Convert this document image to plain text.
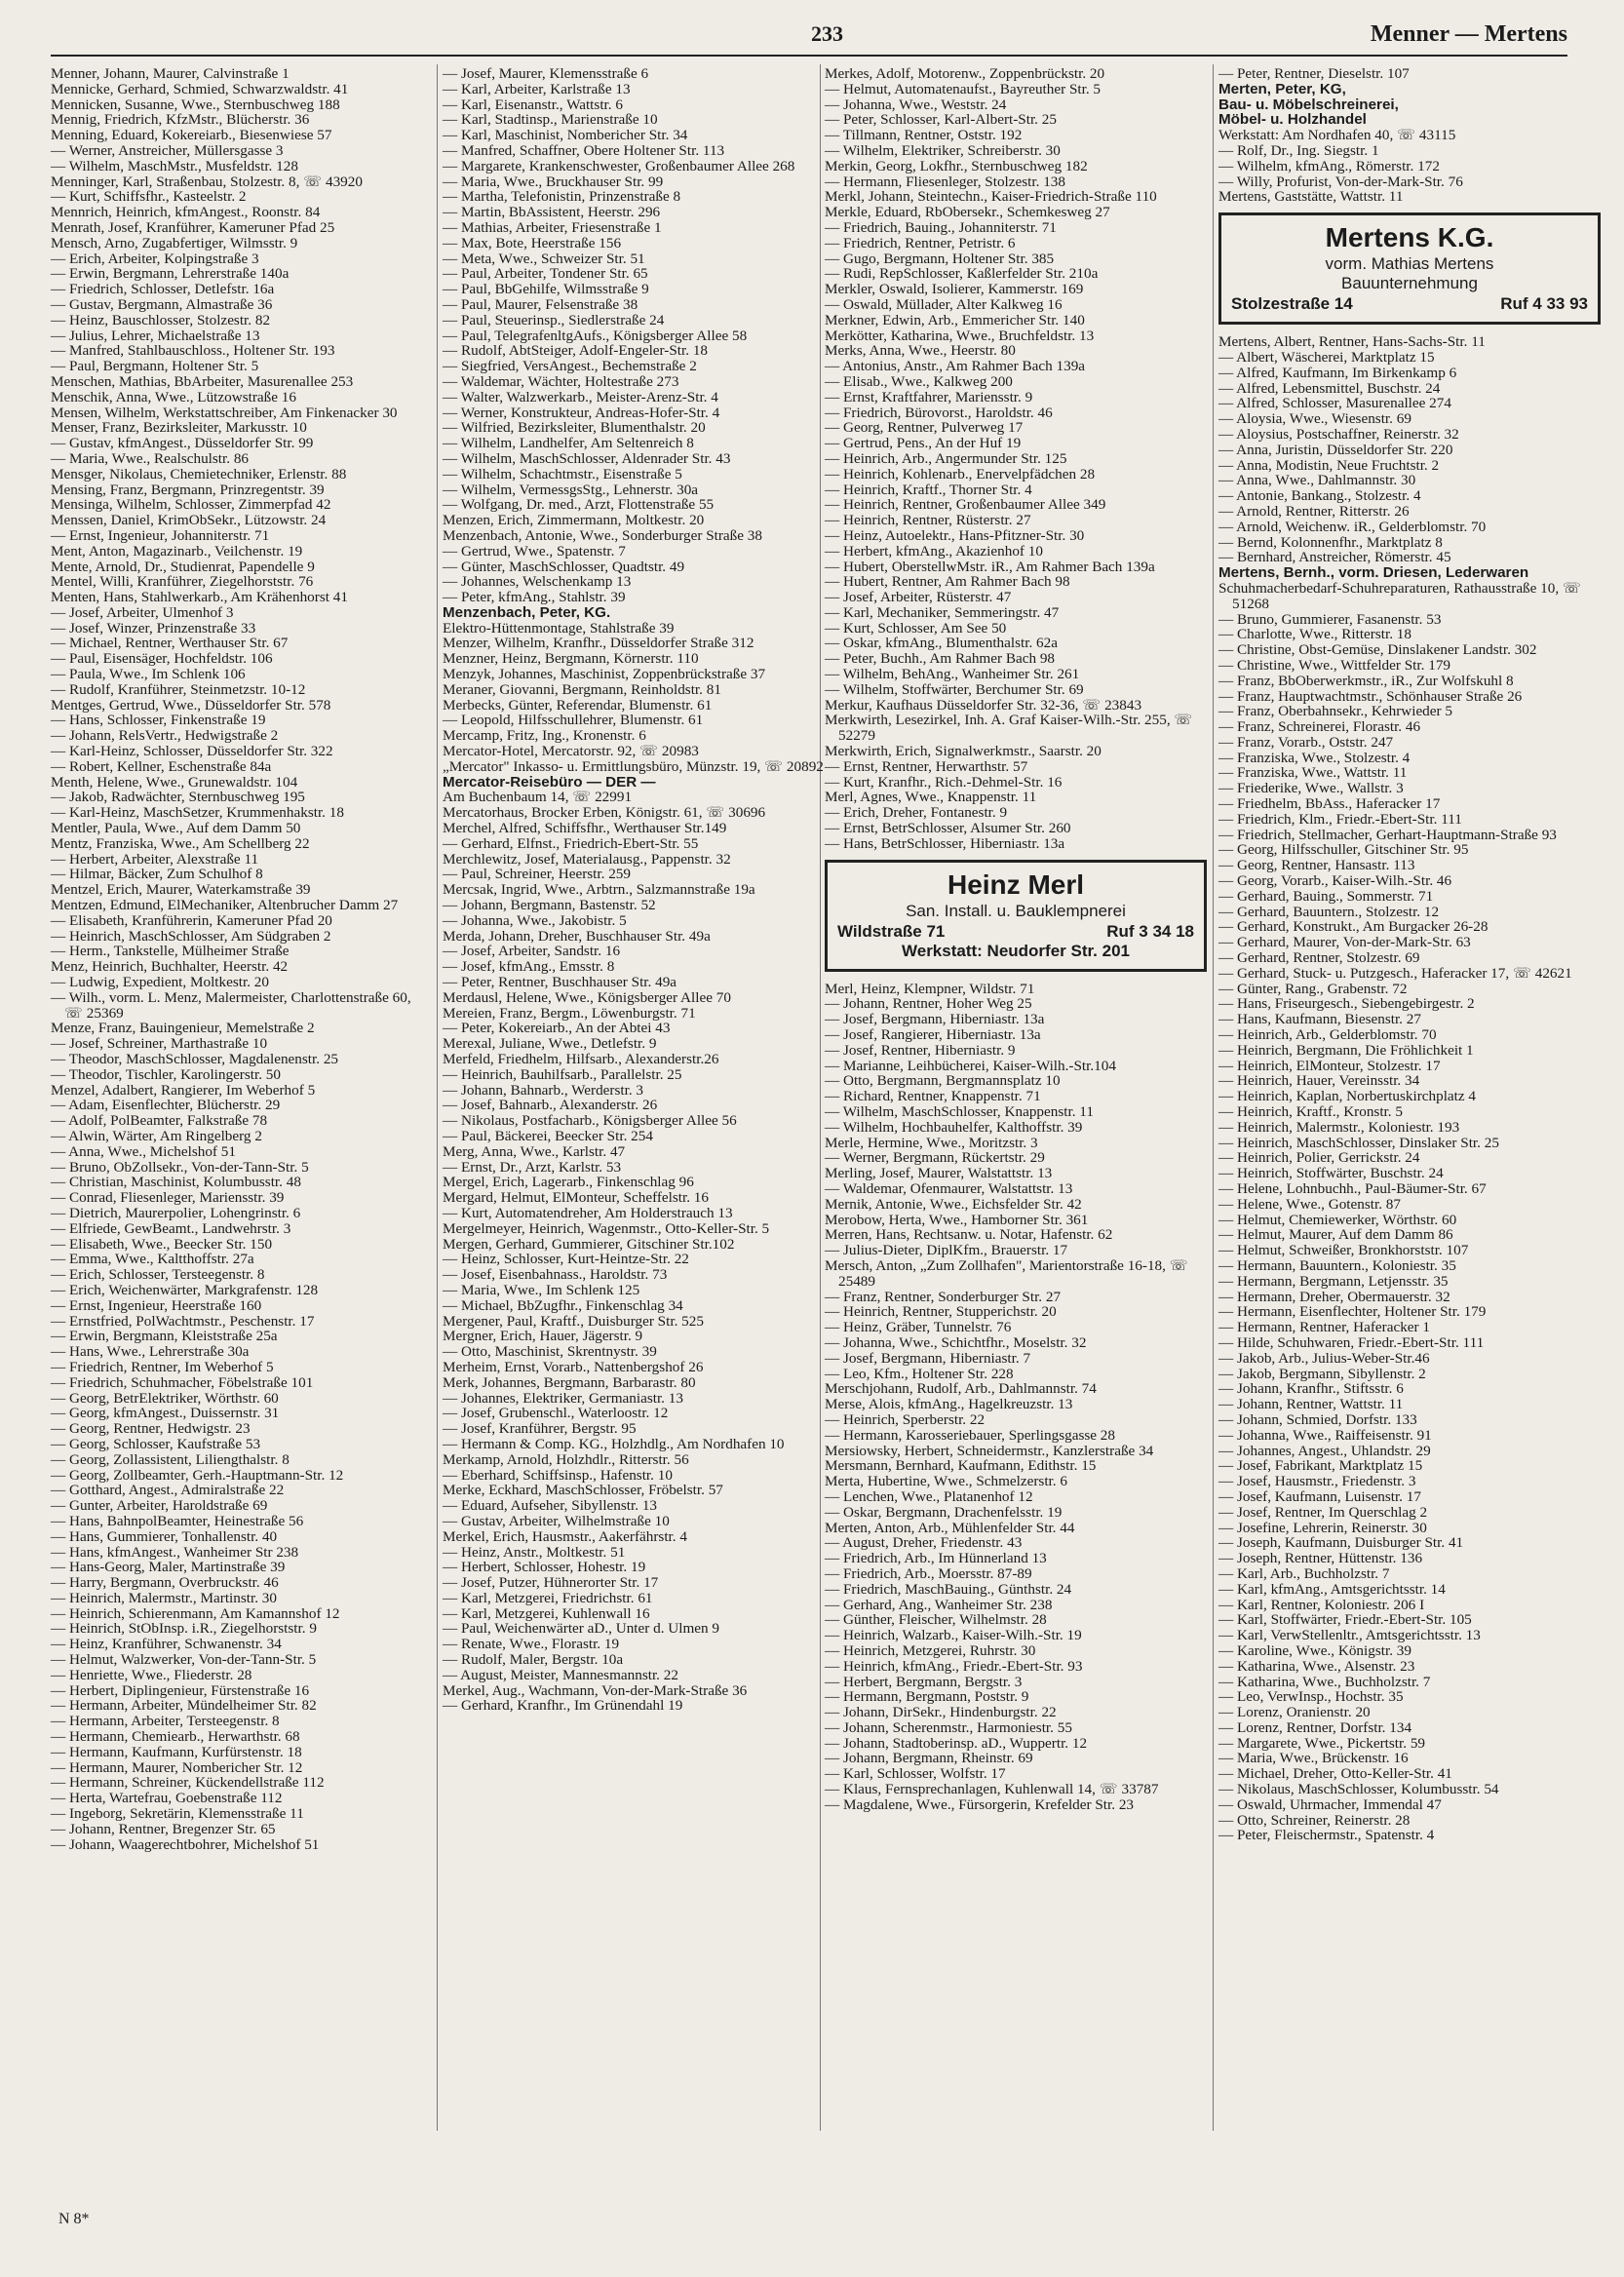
233	Menner — Mertens
Menner, Johann, Maurer, Calvinstraße 1
Mennicke, Gerhard, Schmied, Schwarzwaldstr. 41
Mennicken, Susanne, Wwe., Sternbuschweg 188
Mennig, Friedrich, KfzMstr., Blücherstr. 36
Menning, Eduard, Kokereiarb., Biesenwiese 57
— Werner, Anstreicher, Müllersgasse 3
— Wilhelm, MaschMstr., Musfeldstr. 128
Menninger, Karl, Straßenbau, Stolzestr. 8, ☏ 43920
— Kurt, Schiffsfhr., Kasteelstr. 2
Mennrich, Heinrich, kfmAngest., Roonstr. 84
Menrath, Josef, Kranführer, Kameruner Pfad 25
Mensch, Arno, Zugabfertiger, Wilmsstr. 9
— Erich, Arbeiter, Kolpingstraße 3
— Erwin, Bergmann, Lehrerstraße 140a
— Friedrich, Schlosser, Detlefstr. 16a
— Gustav, Bergmann, Almastraße 36
— Heinz, Bauschlosser, Stolzestr. 82
— Julius, Lehrer, Michaelstraße 13
— Manfred, Stahlbauschloss., Holtener Str. 193
— Paul, Bergmann, Holtener Str. 5
Menschen, Mathias, BbArbeiter, Masurenallee 253
Menschik, Anna, Wwe., Lützowstraße 16
Mensen, Wilhelm, Werkstattschreiber, Am Finkenacker 30
Menser, Franz, Bezirksleiter, Markusstr. 10
— Gustav, kfmAngest., Düsseldorfer Str. 99
— Maria, Wwe., Realschulstr. 86
Mensger, Nikolaus, Chemietechniker, Erlenstr. 88
Mensing, Franz, Bergmann, Prinzregentstr. 39
Mensinga, Wilhelm, Schlosser, Zimmerpfad 42
Menssen, Daniel, KrimObSekr., Lützowstr. 24
— Ernst, Ingenieur, Johanniterstr. 71
Ment, Anton, Magazinarb., Veilchenstr. 19
Mente, Arnold, Dr., Studienrat, Papendelle 9
Mentel, Willi, Kranführer, Ziegelhorststr. 76
Menten, Hans, Stahlwerkarb., Am Krähenhorst 41
— Josef, Arbeiter, Ulmenhof 3
— Josef, Winzer, Prinzenstraße 33
— Michael, Rentner, Werthauser Str. 67
— Paul, Eisensäger, Hochfeldstr. 106
— Paula, Wwe., Im Schlenk 106
— Rudolf, Kranführer, Steinmetzstr. 10-12
Mentges, Gertrud, Wwe., Düsseldorfer Str. 578
— Hans, Schlosser, Finkenstraße 19
— Johann, RelsVertr., Hedwigstraße 2
— Karl-Heinz, Schlosser, Düsseldorfer Str. 322
— Robert, Kellner, Eschenstraße 84a
Menth, Helene, Wwe., Grunewaldstr. 104
— Jakob, Radwächter, Sternbuschweg 195
— Karl-Heinz, MaschSetzer, Krummenhakstr. 18
Mentler, Paula, Wwe., Auf dem Damm 50
Mentz, Franziska, Wwe., Am Schellberg 22
— Herbert, Arbeiter, Alexstraße 11
— Hilmar, Bäcker, Zum Schulhof 8
Mentzel, Erich, Maurer, Waterkamstraße 39
Mentzen, Edmund, ElMechaniker, Altenbrucher Damm 27
— Elisabeth, Kranführerin, Kameruner Pfad 20
— Heinrich, MaschSchlosser, Am Südgraben 2
— Herm., Tankstelle, Mülheimer Straße
Menz, Heinrich, Buchhalter, Heerstr. 42
— Ludwig, Expedient, Moltkestr. 20
— Wilh., vorm. L. Menz, Malermeister, Charlottenstraße 60, ☏ 25369
Menze, Franz, Bauingenieur, Memelstraße 2
— Josef, Schreiner, Marthastraße 10
— Theodor, MaschSchlosser, Magdalenenstr. 25
— Theodor, Tischler, Karolingerstr. 50
Menzel, Adalbert, Rangierer, Im Weberhof 5
— Adam, Eisenflechter, Blücherstr. 29
— Adolf, PolBeamter, Falkstraße 78
— Alwin, Wärter, Am Ringelberg 2
— Anna, Wwe., Michelshof 51
— Bruno, ObZollsekr., Von-der-Tann-Str. 5
— Christian, Maschinist, Kolumbusstr. 48
— Conrad, Fliesenleger, Mariensstr. 39
— Dietrich, Maurerpolier, Lohengrinstr. 6
— Elfriede, GewBeamt., Landwehrstr. 3
— Elisabeth, Wwe., Beecker Str. 150
— Emma, Wwe., Kaltthoffstr. 27a
— Erich, Schlosser, Tersteegenstr. 8
— Erich, Weichenwärter, Markgrafenstr. 128
— Ernst, Ingenieur, Heerstraße 160
— Ernstfried, PolWachtmstr., Peschenstr. 17
— Erwin, Bergmann, Kleiststraße 25a
— Hans, Wwe., Lehrerstraße 30a
— Friedrich, Rentner, Im Weberhof 5
— Friedrich, Schuhmacher, Föbelstraße 101
— Georg, BetrElektriker, Wörthstr. 60
— Georg, kfmAngest., Duissernstr. 31
— Georg, Rentner, Hedwigstr. 23
— Georg, Schlosser, Kaufstraße 53
— Georg, Zollassistent, Liliengthalstr. 8
— Georg, Zollbeamter, Gerh.-Hauptmann-Str. 12
— Gotthard, Angest., Admiralstraße 22
— Gunter, Arbeiter, Haroldstraße 69
— Hans, BahnpolBeamter, Heinestraße 56
— Hans, Gummierer, Tonhallenstr. 40
— Hans, kfmAngest., Wanheimer Str 238
— Hans-Georg, Maler, Martinstraße 39
— Harry, Bergmann, Overbruckstr. 46
— Heinrich, Malermstr., Martinstr. 30
— Heinrich, Schierenmann, Am Kamannshof 12
— Heinrich, StObInsp. i.R., Ziegelhorststr. 9
— Heinz, Kranführer, Schwanenstr. 34
— Helmut, Walzwerker, Von-der-Tann-Str. 5
— Henriette, Wwe., Fliederstr. 28
— Herbert, Diplingenieur, Fürstenstraße 16
— Hermann, Arbeiter, Mündelheimer Str. 82
— Hermann, Arbeiter, Tersteegenstr. 8
— Hermann, Chemiearb., Herwarthstr. 68
— Hermann, Kaufmann, Kurfürstenstr. 18
— Hermann, Maurer, Nombericher Str. 12
— Hermann, Schreiner, Kückendellstraße 112
— Herta, Wartefrau, Goebenstraße 112
— Ingeborg, Sekretärin, Klemensstraße 11
— Johann, Rentner, Bregenzer Str. 65
— Johann, Waagerechtbohrer, Michelshof 51
— Josef, Maurer, Klemensstraße 6
— Karl, Arbeiter, Karlstraße 13
— Karl, Eisenanstr., Wattstr. 6
— Karl, Stadtinsp., Marienstraße 10
— Karl, Maschinist, Nombericher Str. 34
— Manfred, Schaffner, Obere Holtener Str. 113
— Margarete, Krankenschwester, Großenbaumer Allee 268
— Maria, Wwe., Bruckhauser Str. 99
— Martha, Telefonistin, Prinzenstraße 8
— Martin, BbAssistent, Heerstr. 296
— Mathias, Arbeiter, Friesenstraße 1
— Max, Bote, Heerstraße 156
— Meta, Wwe., Schweizer Str. 51
— Paul, Arbeiter, Tondener Str. 65
— Paul, BbGehilfe, Wilmsstraße 9
— Paul, Maurer, Felsenstraße 38
— Paul, Steuerinsp., Siedlerstraße 24
— Paul, TelegrafenltgAufs., Königsberger Allee 58
— Rudolf, AbtSteiger, Adolf-Engeler-Str. 18
— Siegfried, VersAngest., Bechemstraße 2
— Waldemar, Wächter, Holtestraße 273
— Walter, Walzwerkarb., Meister-Arenz-Str. 4
— Werner, Konstrukteur, Andreas-Hofer-Str. 4
— Wilfried, Bezirksleiter, Blumenthalstr. 20
— Wilhelm, Landhelfer, Am Seltenreich 8
— Wilhelm, MaschSchlosser, Aldenrader Str. 43
— Wilhelm, Schachtmstr., Eisenstraße 5
— Wilhelm, VermessgsStg., Lehnerstr. 30a
— Wolfgang, Dr. med., Arzt, Flottenstraße 55
Menzen, Erich, Zimmermann, Moltkestr. 20
Menzenbach, Antonie, Wwe., Sonderburger Straße 38
— Gertrud, Wwe., Spatenstr. 7
— Günter, MaschSchlosser, Quadtstr. 49
— Johannes, Welschenkamp 13
— Peter, kfmAng., Stahlstr. 39
Menzenbach, Peter, KG.
Elektro-Hüttenmontage, Stahlstraße 39
Menzer, Wilhelm, Kranfhr., Düsseldorfer Straße 312
Menzner, Heinz, Bergmann, Körnerstr. 110
Menzyk, Johannes, Maschinist, Zoppenbrückstraße 37
Meraner, Giovanni, Bergmann, Reinholdstr. 81
Merbecks, Günter, Referendar, Blumenstr. 61
— Leopold, Hilfsschullehrer, Blumenstr. 61
Mercamp, Fritz, Ing., Kronenstr. 6
Mercator-Hotel, Mercatorstr. 92, ☏ 20983
„Mercator" Inkasso- u. Ermittlungsbüro, Münzstr. 19, ☏ 20892
Mercator-Reisebüro — DER —
Am Buchenbaum 14, ☏ 22991
Mercatorhaus, Brocker Erben, Königstr. 61, ☏ 30696
Merchel, Alfred, Schiffsfhr., Werthauser Str.149
— Gerhard, Elfnst., Friedrich-Ebert-Str. 55
Merchlewitz, Josef, Materialausg., Pappenstr. 32
— Paul, Schreiner, Heerstr. 259
Mercsak, Ingrid, Wwe., Arbtrn., Salzmannstraße 19a
— Johann, Bergmann, Bastenstr. 52
— Johanna, Wwe., Jakobistr. 5
Merda, Johann, Dreher, Buschhauser Str. 49a
— Josef, Arbeiter, Sandstr. 16
— Josef, kfmAng., Emsstr. 8
— Peter, Rentner, Buschhauser Str. 49a
Merdausl, Helene, Wwe., Königsberger Allee 70
Mereien, Franz, Bergm., Löwenburgstr. 71
— Peter, Kokereiarb., An der Abtei 43
Merexal, Juliane, Wwe., Detlefstr. 9
Merfeld, Friedhelm, Hilfsarb., Alexanderstr.26
— Heinrich, Bauhilfsarb., Parallelstr. 25
— Johann, Bahnarb., Werderstr. 3
— Josef, Bahnarb., Alexanderstr. 26
— Nikolaus, Postfacharb., Königsberger Allee 56
— Paul, Bäckerei, Beecker Str. 254
Merg, Anna, Wwe., Karlstr. 47
— Ernst, Dr., Arzt, Karlstr. 53
Mergel, Erich, Lagerarb., Finkenschlag 96
Mergard, Helmut, ElMonteur, Scheffelstr. 16
— Kurt, Automatendreher, Am Holderstrauch 13
Mergelmeyer, Heinrich, Wagenmstr., Otto-Keller-Str. 5
Mergen, Gerhard, Gummierer, Gitschiner Str.102
— Heinz, Schlosser, Kurt-Heintze-Str. 22
— Josef, Eisenbahnass., Haroldstr. 73
— Maria, Wwe., Im Schlenk 125
— Michael, BbZugfhr., Finkenschlag 34
Mergener, Paul, Kraftf., Duisburger Str. 525
Mergner, Erich, Hauer, Jägerstr. 9
— Otto, Maschinist, Skrentnystr. 39
Merheim, Ernst, Vorarb., Nattenbergshof 26
Merk, Johannes, Bergmann, Barbarastr. 80
— Johannes, Elektriker, Germaniastr. 13
— Josef, Grubenschl., Waterloostr. 12
— Josef, Kranführer, Bergstr. 95
— Hermann & Comp. KG., Holzhdlg., Am Nordhafen 10
Merkamp, Arnold, Holzhdlr., Ritterstr. 56
— Eberhard, Schiffsinsp., Hafenstr. 10
Merke, Eckhard, MaschSchlosser, Fröbelstr. 57
— Eduard, Aufseher, Sibyllenstr. 13
— Gustav, Arbeiter, Wilhelmstraße 10
Merkel, Erich, Hausmstr., Aakerfährstr. 4
— Heinz, Anstr., Moltkestr. 51
— Herbert, Schlosser, Hohestr. 19
— Josef, Putzer, Hühnerorter Str. 17
— Karl, Metzgerei, Friedrichstr. 61
— Karl, Metzgerei, Kuhlenwall 16
— Paul, Weichenwärter aD., Unter d. Ulmen 9
— Renate, Wwe., Florastr. 19
— Rudolf, Maler, Bergstr. 10a
— August, Meister, Mannesmannstr. 22
Merkel, Aug., Wachmann, Von-der-Mark-Straße 36
— Gerhard, Kranfhr., Im Grünendahl 19
Merkes, Adolf, Motorenw., Zoppenbrückstr. 20
— Helmut, Automatenaufst., Bayreuther Str. 5
— Johanna, Wwe., Weststr. 24
— Peter, Schlosser, Karl-Albert-Str. 25
— Tillmann, Rentner, Oststr. 192
— Wilhelm, Elektriker, Schreiberstr. 30
Merkin, Georg, Lokfhr., Sternbuschweg 182
— Hermann, Fliesenleger, Stolzestr. 138
Merkl, Johann, Steintechn., Kaiser-Friedrich-Straße 110
Merkle, Eduard, RbObersekr., Schemkesweg 27
— Friedrich, Bauing., Johanniterstr. 71
— Friedrich, Rentner, Petristr. 6
— Gugo, Bergmann, Holtener Str. 385
— Rudi, RepSchlosser, Kaßlerfelder Str. 210a
Merkler, Oswald, Isolierer, Kammerstr. 169
— Oswald, Müllader, Alter Kalkweg 16
Merkner, Edwin, Arb., Emmericher Str. 140
Merkötter, Katharina, Wwe., Bruchfeldstr. 13
Merks, Anna, Wwe., Heerstr. 80
— Antonius, Anstr., Am Rahmer Bach 139a
— Elisab., Wwe., Kalkweg 200
— Ernst, Kraftfahrer, Mariensstr. 9
— Friedrich, Bürovorst., Haroldstr. 46
— Georg, Rentner, Pulverweg 17
— Gertrud, Pens., An der Huf 19
— Heinrich, Arb., Angermunder Str. 125
— Heinrich, Kohlenarb., Enervelpfädchen 28
— Heinrich, Kraftf., Thorner Str. 4
— Heinrich, Rentner, Großenbaumer Allee 349
— Heinrich, Rentner, Rüsterstr. 27
— Heinz, Autoelektr., Hans-Pfitzner-Str. 30
— Herbert, kfmAng., Akazienhof 10
— Hubert, OberstellwMstr. iR., Am Rahmer Bach 139a
— Hubert, Rentner, Am Rahmer Bach 98
— Josef, Arbeiter, Rüsterstr. 47
— Karl, Mechaniker, Semmeringstr. 47
— Kurt, Schlosser, Am See 50
— Oskar, kfmAng., Blumenthalstr. 62a
— Peter, Buchh., Am Rahmer Bach 98
— Wilhelm, BehAng., Wanheimer Str. 261
— Wilhelm, Stoffwärter, Berchumer Str. 69
Merkur, Kaufhaus Düsseldorfer Str. 32-36, ☏ 23843
Merkwirth, Lesezirkel, Inh. A. Graf Kaiser-Wilh.-Str. 255, ☏ 52279
Merkwirth, Erich, Signalwerkmstr., Saarstr. 20
— Ernst, Rentner, Herwarthstr. 57
— Kurt, Kranfhr., Rich.-Dehmel-Str. 16
Merl, Agnes, Wwe., Knappenstr. 11
— Erich, Dreher, Fontanestr. 9
— Ernst, BetrSchlosser, Alsumer Str. 260
— Hans, BetrSchlosser, Hiberniastr. 13a
Heinz Merl
San. Install. u. Bauklempnerei
Wildstraße 71	Ruf 3 34 18
Werkstatt: Neudorfer Str. 201
Merl, Heinz, Klempner, Wildstr. 71
— Johann, Rentner, Hoher Weg 25
— Josef, Bergmann, Hiberniastr. 13a
— Josef, Rangierer, Hiberniastr. 13a
— Josef, Rentner, Hiberniastr. 9
— Marianne, Leihbücherei, Kaiser-Wilh.-Str.104
— Otto, Bergmann, Bergmannsplatz 10
— Richard, Rentner, Knappenstr. 71
— Wilhelm, MaschSchlosser, Knappenstr. 11
— Wilhelm, Hochbauhelfer, Kalthoffstr. 39
Merle, Hermine, Wwe., Moritzstr. 3
— Werner, Bergmann, Rückertstr. 29
Merling, Josef, Maurer, Walstattstr. 13
— Waldemar, Ofenmaurer, Walstattstr. 13
Mernik, Antonie, Wwe., Eichsfelder Str. 42
Merobow, Herta, Wwe., Hamborner Str. 361
Merren, Hans, Rechtsanw. u. Notar, Hafenstr. 62
— Julius-Dieter, DiplKfm., Brauerstr. 17
Mersch, Anton, „Zum Zollhafen", Marientorstraße 16-18, ☏ 25489
— Franz, Rentner, Sonderburger Str. 27
— Heinrich, Rentner, Stupperichstr. 20
— Heinz, Gräber, Tunnelstr. 76
— Johanna, Wwe., Schichtfhr., Moselstr. 32
— Josef, Bergmann, Hiberniastr. 7
— Leo, Kfm., Holtener Str. 228
Merschjohann, Rudolf, Arb., Dahlmannstr. 74
Merse, Alois, kfmAng., Hagelkreuzstr. 13
— Heinrich, Sperberstr. 22
— Hermann, Karosseriebauer, Sperlingsgasse 28
Mersiowsky, Herbert, Schneidermstr., Kanzlerstraße 34
Mersmann, Bernhard, Kaufmann, Edithstr. 15
Merta, Hubertine, Wwe., Schmelzerstr. 6
— Lenchen, Wwe., Platanenhof 12
— Oskar, Bergmann, Drachenfelsstr. 19
Merten, Anton, Arb., Mühlenfelder Str. 44
— August, Dreher, Friedenstr. 43
— Friedrich, Arb., Im Hünnerland 13
— Friedrich, Arb., Moersstr. 87-89
— Friedrich, MaschBauing., Günthstr. 24
— Gerhard, Ang., Wanheimer Str. 238
— Günther, Fleischer, Wilhelmstr. 28
— Heinrich, Walzarb., Kaiser-Wilh.-Str. 19
— Heinrich, Metzgerei, Ruhrstr. 30
— Heinrich, kfmAng., Friedr.-Ebert-Str. 93
— Herbert, Bergmann, Bergstr. 3
— Hermann, Bergmann, Poststr. 9
— Johann, DirSekr., Hindenburgstr. 22
— Johann, Scherenmstr., Harmoniestr. 55
— Johann, Stadtoberinsp. aD., Wuppertr. 12
— Johann, Bergmann, Rheinstr. 69
— Karl, Schlosser, Wolfstr. 17
— Klaus, Fernsprechanlagen, Kuhlenwall 14, ☏ 33787
— Magdalene, Wwe., Fürsorgerin, Krefelder Str. 23
— Peter, Rentner, Dieselstr. 107
Merten, Peter, KG,
Bau- u. Möbelschreinerei,
Möbel- u. Holzhandel
Werkstatt: Am Nordhafen 40, ☏ 43115
— Rolf, Dr., Ing. Siegstr. 1
— Wilhelm, kfmAng., Römerstr. 172
— Willy, Profurist, Von-der-Mark-Str. 76
Mertens, Gaststätte, Wattstr. 11
Mertens K.G.
vorm. Mathias Mertens
Bauunternehmung
Stolzestraße 14	Ruf 4 33 93
Mertens, Albert, Rentner, Hans-Sachs-Str. 11
— Albert, Wäscherei, Marktplatz 15
— Alfred, Kaufmann, Im Birkenkamp 6
— Alfred, Lebensmittel, Buschstr. 24
— Alfred, Schlosser, Masurenallee 274
— Aloysia, Wwe., Wiesenstr. 69
— Aloysius, Postschaffner, Reinerstr. 32
— Anna, Juristin, Düsseldorfer Str. 220
— Anna, Modistin, Neue Fruchtstr. 2
— Anna, Wwe., Dahlmannstr. 30
— Antonie, Bankang., Stolzestr. 4
— Arnold, Rentner, Ritterstr. 26
— Arnold, Weichenw. iR., Gelderblomstr. 70
— Bernd, Kolonnenfhr., Marktplatz 8
— Bernhard, Anstreicher, Römerstr. 45
Mertens, Bernh., vorm. Driesen, Lederwaren
Schuhmacherbedarf-Schuhreparaturen, Rathausstraße 10, ☏ 51268
— Bruno, Gummierer, Fasanenstr. 53
— Charlotte, Wwe., Ritterstr. 18
— Christine, Obst-Gemüse, Dinslakener Landstr. 302
— Christine, Wwe., Wittfelder Str. 179
— Franz, BbOberwerkmstr., iR., Zur Wolfskuhl 8
— Franz, Hauptwachtmstr., Schönhauser Straße 26
— Franz, Oberbahnsekr., Kehrwieder 5
— Franz, Schreinerei, Florastr. 46
— Franz, Vorarb., Oststr. 247
— Franziska, Wwe., Stolzestr. 4
— Franziska, Wwe., Wattstr. 11
— Friederike, Wwe., Wallstr. 3
— Friedhelm, BbAss., Haferacker 17
— Friedrich, Klm., Friedr.-Ebert-Str. 111
— Friedrich, Stellmacher, Gerhart-Hauptmann-Straße 93
— Georg, Hilfsschuller, Gitschiner Str. 95
— Georg, Rentner, Hansastr. 113
— Georg, Vorarb., Kaiser-Wilh.-Str. 46
— Gerhard, Bauing., Sommerstr. 71
— Gerhard, Bauuntern., Stolzestr. 12
— Gerhard, Konstrukt., Am Burgacker 26-28
— Gerhard, Maurer, Von-der-Mark-Str. 63
— Gerhard, Rentner, Stolzestr. 69
— Gerhard, Stuck- u. Putzgesch., Haferacker 17, ☏ 42621
— Günter, Rang., Grabenstr. 72
— Hans, Friseurgesch., Siebengebirgestr. 2
— Hans, Kaufmann, Biesenstr. 27
— Heinrich, Arb., Gelderblomstr. 70
— Heinrich, Bergmann, Die Fröhlichkeit 1
— Heinrich, ElMonteur, Stolzestr. 17
— Heinrich, Hauer, Vereinsstr. 34
— Heinrich, Kaplan, Norbertuskirchplatz 4
— Heinrich, Kraftf., Kronstr. 5
— Heinrich, Malermstr., Koloniestr. 193
— Heinrich, MaschSchlosser, Dinslaker Str. 25
— Heinrich, Polier, Gerrickstr. 24
— Heinrich, Stoffwärter, Buschstr. 24
— Helene, Lohnbuchh., Paul-Bäumer-Str. 67
— Helene, Wwe., Gotenstr. 87
— Helmut, Chemiewerker, Wörthstr. 60
— Helmut, Maurer, Auf dem Damm 86
— Helmut, Schweißer, Bronkhorststr. 107
— Hermann, Bauuntern., Koloniestr. 35
— Hermann, Bergmann, Letjensstr. 35
— Hermann, Dreher, Obermauerstr. 32
— Hermann, Eisenflechter, Holtener Str. 179
— Hermann, Rentner, Haferacker 1
— Hilde, Schuhwaren, Friedr.-Ebert-Str. 111
— Jakob, Arb., Julius-Weber-Str.46
— Jakob, Bergmann, Sibyllenstr. 2
— Johann, Kranfhr., Stiftsstr. 6
— Johann, Rentner, Wattstr. 11
— Johann, Schmied, Dorfstr. 133
— Johanna, Wwe., Raiffeisenstr. 91
— Johannes, Angest., Uhlandstr. 29
— Josef, Fabrikant, Marktplatz 15
— Josef, Hausmstr., Friedenstr. 3
— Josef, Kaufmann, Luisenstr. 17
— Josef, Rentner, Im Querschlag 2
— Josefine, Lehrerin, Reinerstr. 30
— Joseph, Kaufmann, Duisburger Str. 41
— Joseph, Rentner, Hüttenstr. 136
— Karl, Arb., Buchholzstr. 7
— Karl, kfmAng., Amtsgerichtsstr. 14
— Karl, Rentner, Koloniestr. 206 I
— Karl, Stoffwärter, Friedr.-Ebert-Str. 105
— Karl, VerwStellenltr., Amtsgerichtsstr. 13
— Karoline, Wwe., Königstr. 39
— Katharina, Wwe., Alsenstr. 23
— Katharina, Wwe., Buchholzstr. 7
— Leo, VerwInsp., Hochstr. 35
— Lorenz, Oranienstr. 20
— Lorenz, Rentner, Dorfstr. 134
— Margarete, Wwe., Pickertstr. 59
— Maria, Wwe., Brückenstr. 16
— Michael, Dreher, Otto-Keller-Str. 41
— Nikolaus, MaschSchlosser, Kolumbusstr. 54
— Oswald, Uhrmacher, Immendal 47
— Otto, Schreiner, Reinerstr. 28
— Peter, Fleischermstr., Spatenstr. 4
N 8*
